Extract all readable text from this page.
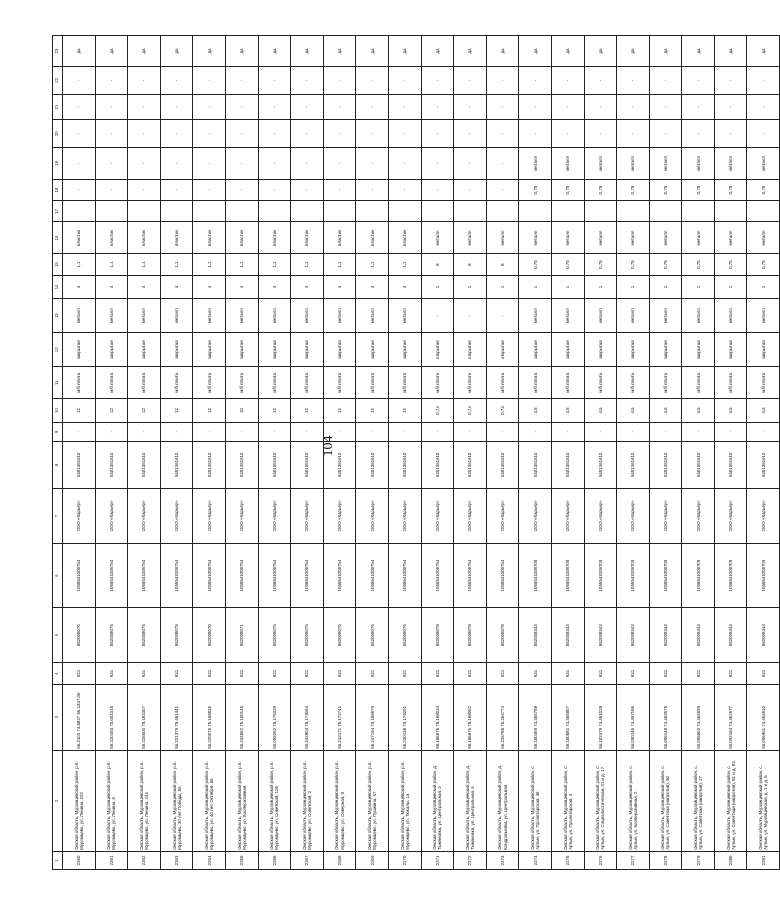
104
1	2	3	4	5	6	7	8	9	10	11	12	13	14	15	16	17	18	19	20	21	22	23
2260	Омская область, Муромцевский район, р.п. Муромцево, ул. Ленина, 223	56.3104 74.5827 56.1337.06	К31	552008070	1055541008754	ООО «Карьер»	5401361610	-	12	м/б плита	закрытая	металл	4	1,1	пластик		-	-	-	-	-	да
2261	Омская область, Муромцевский район, р.п. Муромцево, ул. Ленина, 6	56.220493 75.004316	К31	552008075	1055541008754	ООО «Карьер»	5401361610	-	12	м/б плита	закрытая	металл	4	1,1	пластик		-	-	-	-	-	да
2262	Омская область, Муромцевский район, р.п. Муромцево, ул. Ленина, 244	56.226600 75.183307	К31	552008075	1055541008754	ООО «Карьер»	5401361610	-	12	м/б плита	закрытая	металл	4	1,1	пластик		-	-	-	-	-	да
2263	Омская область, Муромцевский район, р.п. Муромцево, 30 лет Победы, 56	56.221379 75.461441	К31	552008075	1055541008754	ООО «Карьер»	5401361610	-	12	м/б плита	закрытая	металл	4	1,1	пластик		-	-	-	-	-	да
2264	Омская область, Муромцевский район, р.п. Муромцево, ул. 40 лет Октября, 66	56.220075 75.168835	К31	552008070	1055541008754	ООО «Карьер»	5401361610	-	12	м/б плита	закрытая	металл	4	1,1	пластик		-	-	-	-	-	да
2265	Омская область, Муромцевский район, р.п. Муромцево, ул. Кооперативная	56.234562 75.160145	К31	552008071	1055541008754	ООО «Карьер»	5401361610	-	10	м/б плита	закрытая	металл	4	1,1	пластик		-	-	-	-	-	да
2266	Омская область, Муромцевский район, р.п. Муромцево, ул. Советская, 126	56.058262 75.175328	К31	552008075	1055541008754	ООО «Карьер»	5401361610	-	12	м/б плита	закрытая	металл	4	1,1	пластик		-	-	-	-	-	да
2267	Омская область, Муромцевский район, р.п. Муромцево, ул. Советская, 2	56.242804 75.173064	К31	552008075	1055541008754	ООО «Карьер»	5401361610	-	12	м/б плита	закрытая	металл	4	1,1	пластик		-	-	-	-	-	да
2268	Омская область, Муромцевский район, р.п. Муромцево, ул. Северная, 9	56.243171 75.172741	К31	552008075	1055541008754	ООО «Карьер»	5401361610	-	12	м/б плита	закрытая	металл	4	1,1	пластик		-	-	-	-	-	да
2269	Омская область, Муромцевский район, р.п. Муромцево, ул. Пушкина, 57	56.247194 75.158879	К31	552008075	1055541008754	ООО «Карьер»	5401361610	-	12	м/б плита	закрытая	металл	4	1,1	пластик		-	-	-	-	-	да
2270	Омская область, Муромцевский район, р.п. Муромцево, ул. Тюкалы, 1а	56.230138 75.174091	К31	552008075	1055541008754	ООО «Карьер»	5401361610	-	12	м/б плита	закрытая	металл	4	1,1	пластик		-	-	-	-	-	да
2271	Омская область, Муромцевский район, д. Тыняновка, ул. Центральная, 3	56.186675 75.168034	К31	552008078	1055541008754	ООО «Карьер»	5401361610	-	0,74	м/б плита	открытая	-	1	8	металл		-	-	-	-	-	да
2272	Омская область, Муромцевский район, д. Тыняновка, ул. Центральная, 6	56.186676 75.168052	К31	552008078	1055541008754	ООО «Карьер»	5401361610	-	0,74	м/б плита	открытая	-	1	8	металл		-	-	-	-	-	да
2273	Омская область, Муромцевский район, д. Кондратьевка, ул. Центральная	56.226785 75.264774	К31	552008078	1055541008754	ООО «Карьер»	5401361610	-	0,74	м/б плита	открытая	-	1	8	металл		-	-	-	-	-	да
2274	Омская область, Муромцевский район, с. Артын, ул. Пролетарская, 46	56.100469 74.465768	К31	552008343	1055541008709	ООО «Карьер»	5401361610	-	4,5	м/б плита	закрытая	металл	1	0,75	металл		0,75	металл	-	-	-	да
2275	Омская область, Муромцевский район, с. Артын, ул. Пролетарская, 3	56.100582 74.465807	К31	552008343	1055541008709	ООО «Карьер»	5401361610	-	4,5	м/б плита	закрытая	металл	1	0,75	металл		0,75	металл	-	-	-	да
2276	Омская область, Муромцевский район, с. Артын, ул. Социалистическая, 31 и д. 17	56.102379 74.461028	К31	552008343	1055541008709	ООО «Карьер»	5401361610	-	4,5	м/б плита	закрытая	металл	1	0,75	металл		0,75	металл	-	-	-	да
2277	Омская область, Муромцевский район, с. Артын, ул. Кооперативная, 2	56.090146 74.457186	К31	552008343	1055541008709	ООО «Карьер»	5401361610	-	4,5	м/б плита	закрытая	металл	1	0,75	металл		0,75	металл	-	-	-	да
2278	Омская область, Муромцевский район, с. Артын, ул. Советская (напротив), 50	56.096148 74.463575	К31	552008343	1055541008709	ООО «Карьер»	5401361610	-	4,5	м/б плита	закрытая	металл	1	0,75	металл		0,75	металл	-	-	-	да
2279	Омская область, Муромцевский район, с. Артын, ул. Советская (напротив), 27	56.095503 74.464599	К31	552008343	1055541008709	ООО «Карьер»	5401361610	-	4,5	м/б плита	закрытая	металл	1	0,75	металл		0,75	металл	-	-	-	да
2280	Омская область, Муромцевский район, с. Артын, ул. Советская (напротив), 81 и д. 82	56.092164 74.462577	К31	552008343	1055541008709	ООО «Карьер»	5401361610	-	4,5	м/б плита	закрытая	металл	1	0,75	металл		0,75	металл	-	-	-	да
2281	Омская область, Муромцевский район, с. Артын, ул. Муромцевская, д. 1 и д. 5	56.095961 74.464610	К31	552008343	1055541008709	ООО «Карьер»	5401361610	-	4,5	м/б плита	закрытая	металл	1	0,75	металл		0,75	металл	-	-	-	да
